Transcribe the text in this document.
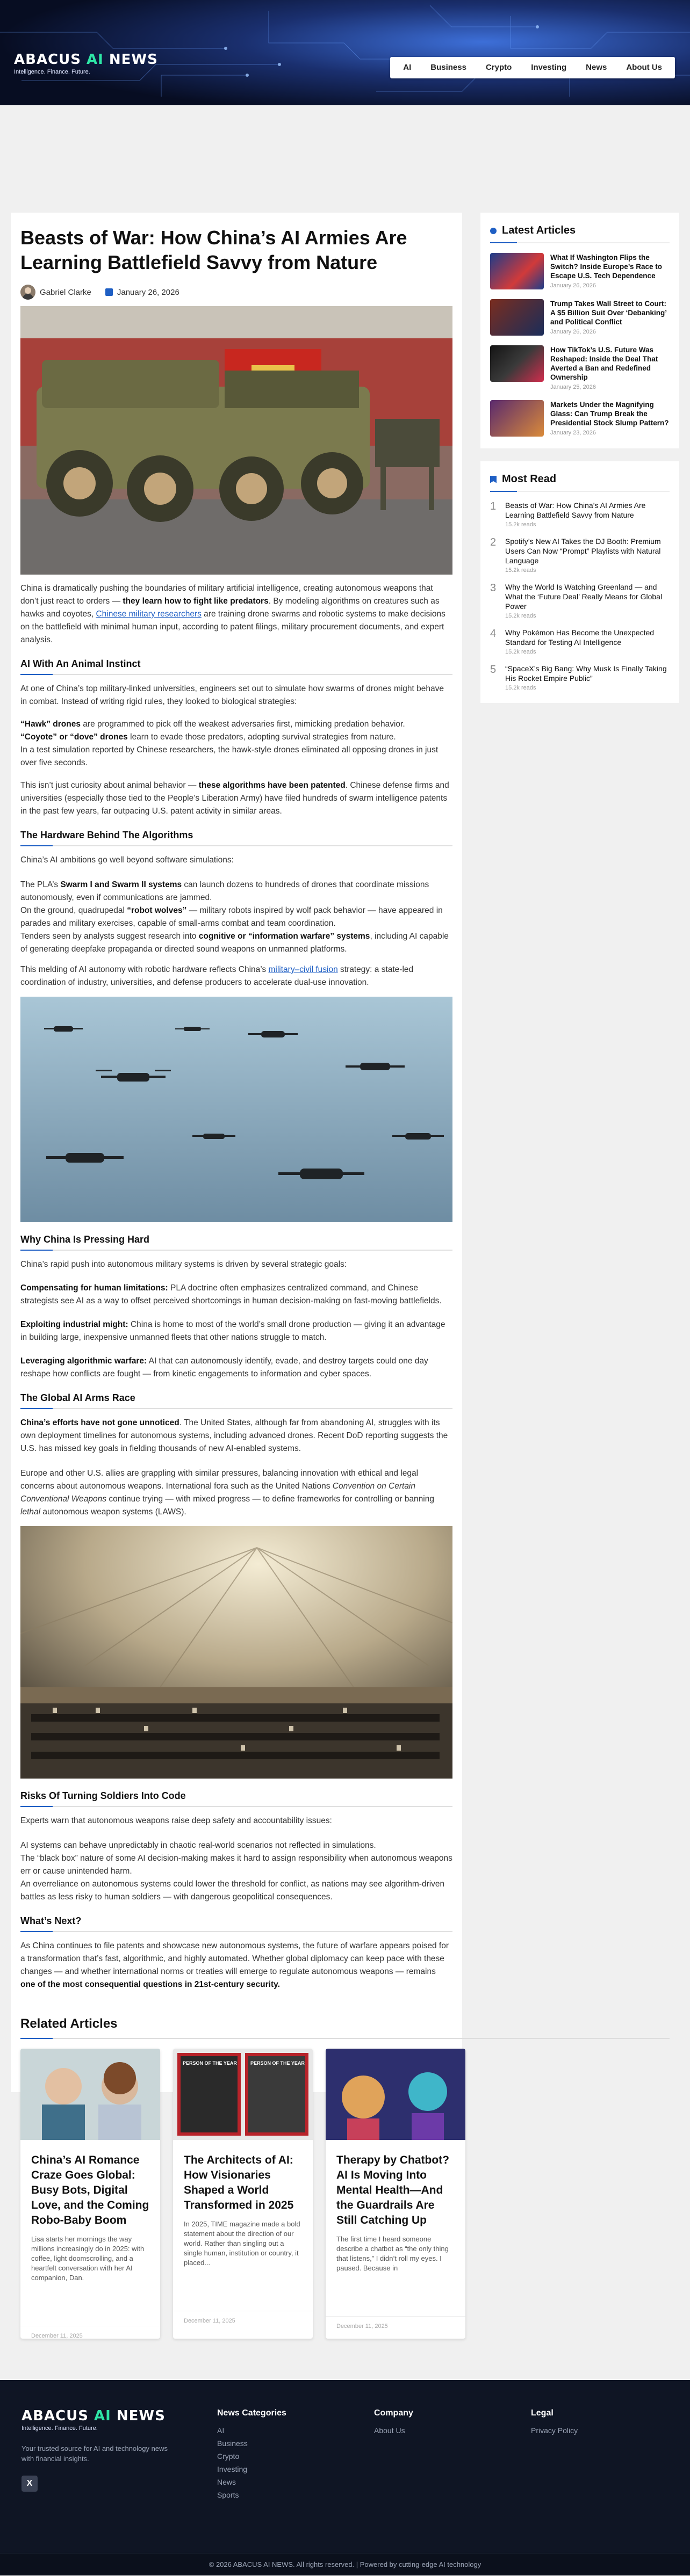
ABACUS AI NEWS
Intelligence. Finance. Future.	AI	Business	Crypto	Investing	News	About Us
Beasts of War: How China’s AI Armies Are Learning Battlefield Savvy from Nature
Gabriel Clarke	January 26, 2026

China is dramatically pushing the boundaries of military artificial intelligence, creating autonomous weapons that don’t just react to orders — they learn how to fight like predators. By modeling algorithms on creatures such as hawks and coyotes, Chinese military researchers are training drone swarms and robotic systems to make decisions on the battlefield with minimal human input, according to patent filings, military procurement documents, and expert analysis.

AI With An Animal Instinct

At one of China’s top military-linked universities, engineers set out to simulate how swarms of drones might behave in combat. Instead of writing rigid rules, they looked to biological strategies:

“Hawk” drones are programmed to pick off the weakest adversaries first, mimicking predation behavior.
“Coyote” or “dove” drones learn to evade those predators, adopting survival strategies from nature.
In a test simulation reported by Chinese researchers, the hawk-style drones eliminated all opposing drones in just over five seconds.

This isn’t just curiosity about animal behavior — these algorithms have been patented. Chinese defense firms and universities (especially those tied to the People’s Liberation Army) have filed hundreds of swarm intelligence patents in the past few years, far outpacing U.S. patent activity in similar areas.

The Hardware Behind The Algorithms

China’s AI ambitions go well beyond software simulations:

The PLA’s Swarm I and Swarm II systems can launch dozens to hundreds of drones that coordinate missions autonomously, even if communications are jammed.
On the ground, quadrupedal “robot wolves” — military robots inspired by wolf pack behavior — have appeared in parades and military exercises, capable of small-arms combat and team coordination.
Tenders seen by analysts suggest research into cognitive or “information warfare” systems, including AI capable of generating deepfake propaganda or directed sound weapons on unmanned platforms.

This melding of AI autonomy with robotic hardware reflects China’s military–civil fusion strategy: a state-led coordination of industry, universities, and defense producers to accelerate dual-use innovation.

Why China Is Pressing Hard

China’s rapid push into autonomous military systems is driven by several strategic goals:

Compensating for human limitations: PLA doctrine often emphasizes centralized command, and Chinese strategists see AI as a way to offset perceived shortcomings in human decision-making on fast-moving battlefields.

Exploiting industrial might: China is home to most of the world’s small drone production — giving it an advantage in building large, inexpensive unmanned fleets that other nations struggle to match.

Leveraging algorithmic warfare: AI that can autonomously identify, evade, and destroy targets could one day reshape how conflicts are fought — from kinetic engagements to information and cyber spaces.

The Global AI Arms Race

China’s efforts have not gone unnoticed. The United States, although far from abandoning AI, struggles with its own deployment timelines for autonomous systems, including advanced drones. Recent DoD reporting suggests the U.S. has missed key goals in fielding thousands of new AI-enabled systems.

Europe and other U.S. allies are grappling with similar pressures, balancing innovation with ethical and legal concerns about autonomous weapons. International fora such as the United Nations Convention on Certain Conventional Weapons continue trying — with mixed progress — to define frameworks for controlling or banning lethal autonomous weapon systems (LAWS).

Risks Of Turning Soldiers Into Code

Experts warn that autonomous weapons raise deep safety and accountability issues:

AI systems can behave unpredictably in chaotic real-world scenarios not reflected in simulations.
The “black box” nature of some AI decision-making makes it hard to assign responsibility when autonomous weapons err or cause unintended harm.
An overreliance on autonomous systems could lower the threshold for conflict, as nations may see algorithm-driven battles as less risky to human soldiers — with dangerous geopolitical consequences.

What’s Next?

As China continues to file patents and showcase new autonomous systems, the future of warfare appears poised for a transformation that’s fast, algorithmic, and highly automated. Whether global diplomacy can keep pace with these changes — and whether international norms or treaties will emerge to regulate autonomous weapons — remains one of the most consequential questions in 21st-century security.

Latest Articles
What If Washington Flips the Switch? Inside Europe’s Race to Escape U.S. Tech Dependence
January 26, 2026
Trump Takes Wall Street to Court: A $5 Billion Suit Over ‘Debanking’ and Political Conflict
January 26, 2026
How TikTok’s U.S. Future Was Reshaped: Inside the Deal That Averted a Ban and Redefined Ownership
January 25, 2026
Markets Under the Magnifying Glass: Can Trump Break the Presidential Stock Slump Pattern?
January 23, 2026
Most Read
1	Beasts of War: How China’s AI Armies Are Learning Battlefield Savvy from Nature
15.2k reads
2	Spotify’s New AI Takes the DJ Booth: Premium Users Can Now “Prompt” Playlists with Natural Language
15.2k reads
3	Why the World Is Watching Greenland — and What the ‘Future Deal’ Really Means for Global Power
15.2k reads
4	Why Pokémon Has Become the Unexpected Standard for Testing AI Intelligence
15.2k reads
5	“SpaceX’s Big Bang: Why Musk Is Finally Taking His Rocket Empire Public”
15.2k reads
Related Articles
China’s AI Romance Craze Goes Global: Busy Bots, Digital Love, and the Coming Robo-Baby Boom
Lisa starts her mornings the way millions increasingly do in 2025: with coffee, light doomscrolling, and a heartfelt conversation with her AI companion, Dan.
December 11, 2025
PERSON OF THE YEAR	PERSON OF THE YEAR
The Architects of AI: How Visionaries Shaped a World Transformed in 2025
In 2025, TIME magazine made a bold statement about the direction of our world. Rather than singling out a single human, institution or country, it placed...
December 11, 2025
Therapy by Chatbot? AI Is Moving Into Mental Health—And the Guardrails Are Still Catching Up
The first time I heard someone describe a chatbot as “the only thing that listens,” I didn’t roll my eyes. I paused. Because in
December 11, 2025
ABACUS AI NEWS
Intelligence. Finance. Future.
Your trusted source for AI and technology news with financial insights.
X
News Categories
AI
Business
Crypto
Investing
News
Sports
Company
About Us
Legal
Privacy Policy
© 2026 ABACUS AI NEWS. All rights reserved. | Powered by cutting-edge AI technology
